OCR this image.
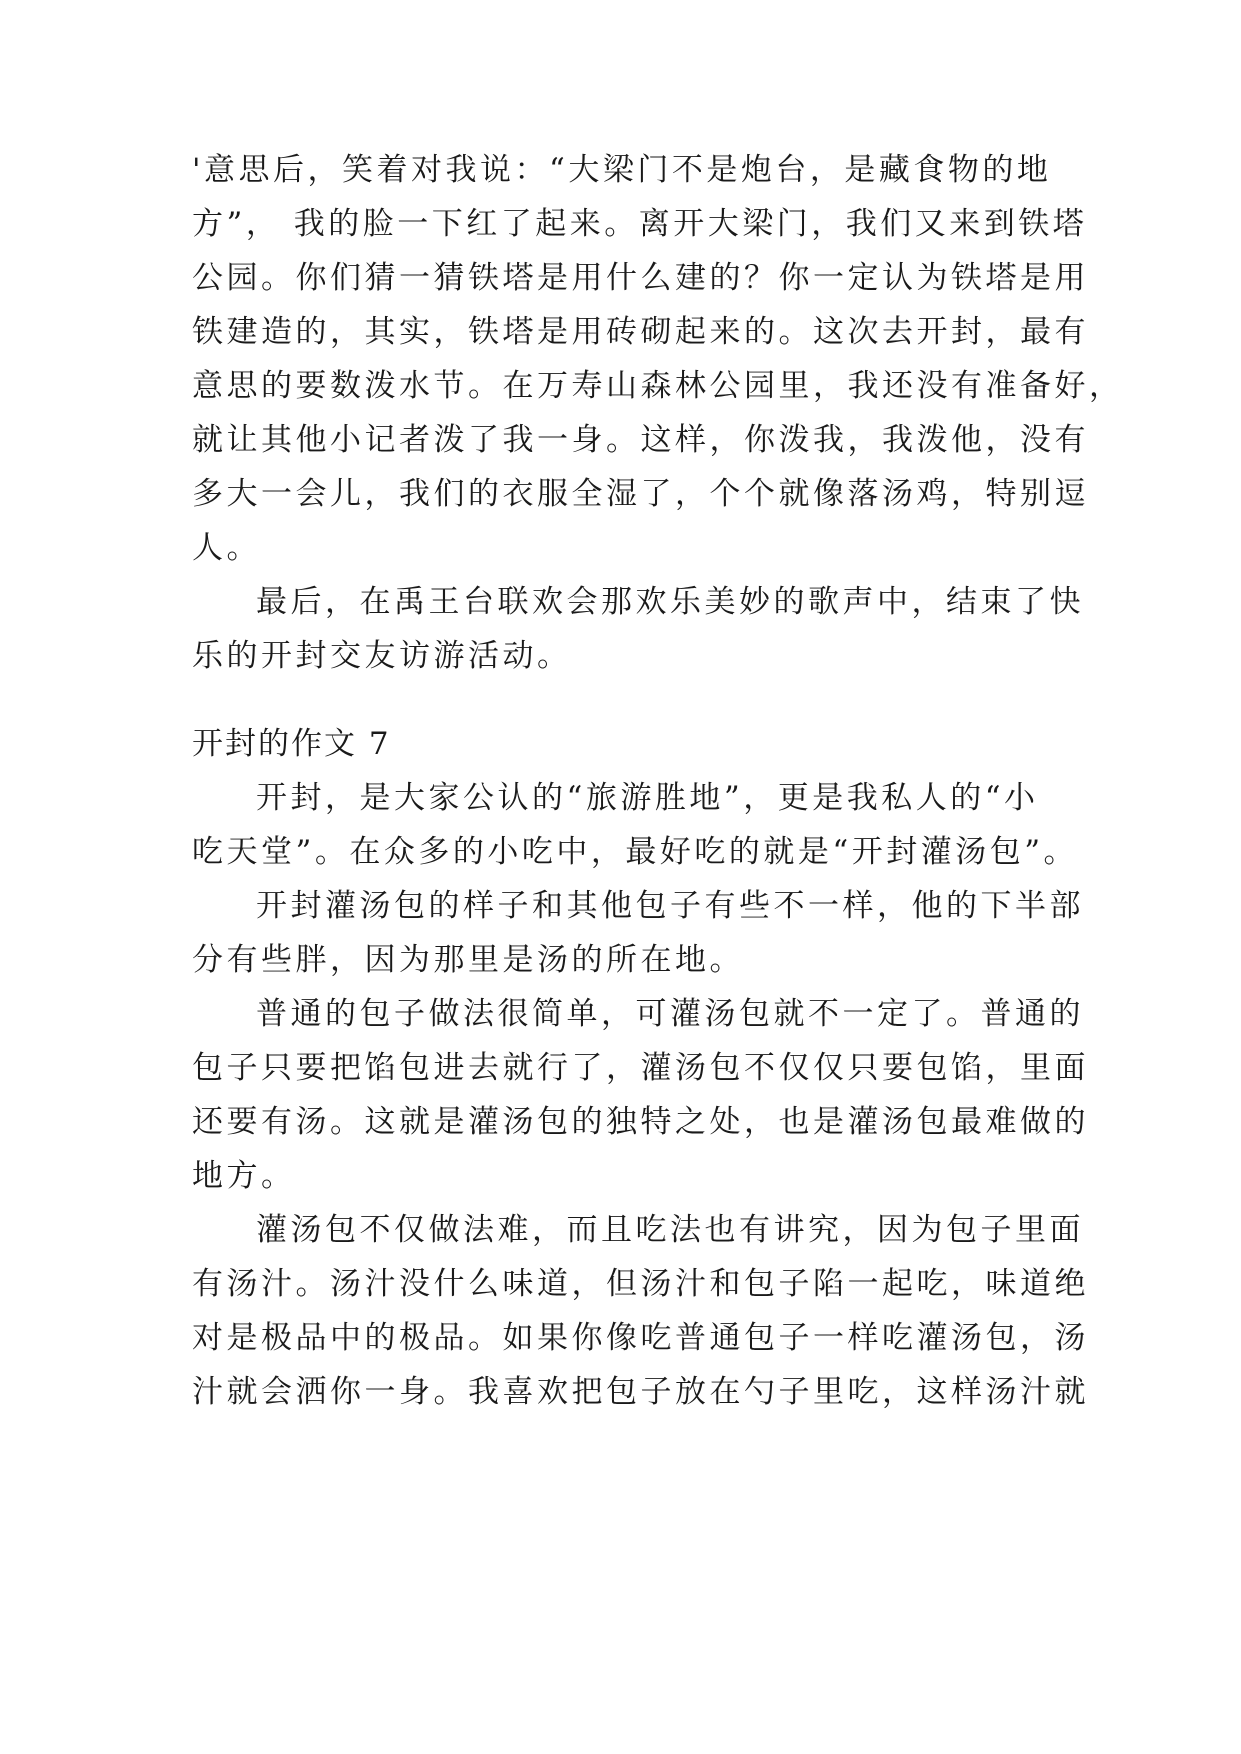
'意思后，笑着对我说：“大梁门不是炮台，是藏食物的地
方”， 我的脸一下红了起来。离开大梁门，我们又来到铁塔
公园。你们猜一猜铁塔是用什么建的？你一定认为铁塔是用
铁建造的，其实，铁塔是用砖砌起来的。这次去开封，最有
意思的要数泼水节。在万寿山森林公园里，我还没有准备好，
就让其他小记者泼了我一身。这样，你泼我，我泼他，没有
多大一会儿，我们的衣服全湿了，个个就像落汤鸡，特别逗
人。
最后，在禹王台联欢会那欢乐美妙的歌声中，结束了快
乐的开封交友访游活动。
开封的作文 7
开封，是大家公认的“旅游胜地”，更是我私人的“小
吃天堂”。在众多的小吃中，最好吃的就是“开封灌汤包”。
开封灌汤包的样子和其他包子有些不一样，他的下半部
分有些胖，因为那里是汤的所在地。
普通的包子做法很简单，可灌汤包就不一定了。普通的
包子只要把馅包进去就行了，灌汤包不仅仅只要包馅，里面
还要有汤。这就是灌汤包的独特之处，也是灌汤包最难做的
地方。
灌汤包不仅做法难，而且吃法也有讲究，因为包子里面
有汤汁。汤汁没什么味道，但汤汁和包子陷一起吃，味道绝
对是极品中的极品。如果你像吃普通包子一样吃灌汤包，汤
汁就会洒你一身。我喜欢把包子放在勺子里吃，这样汤汁就
